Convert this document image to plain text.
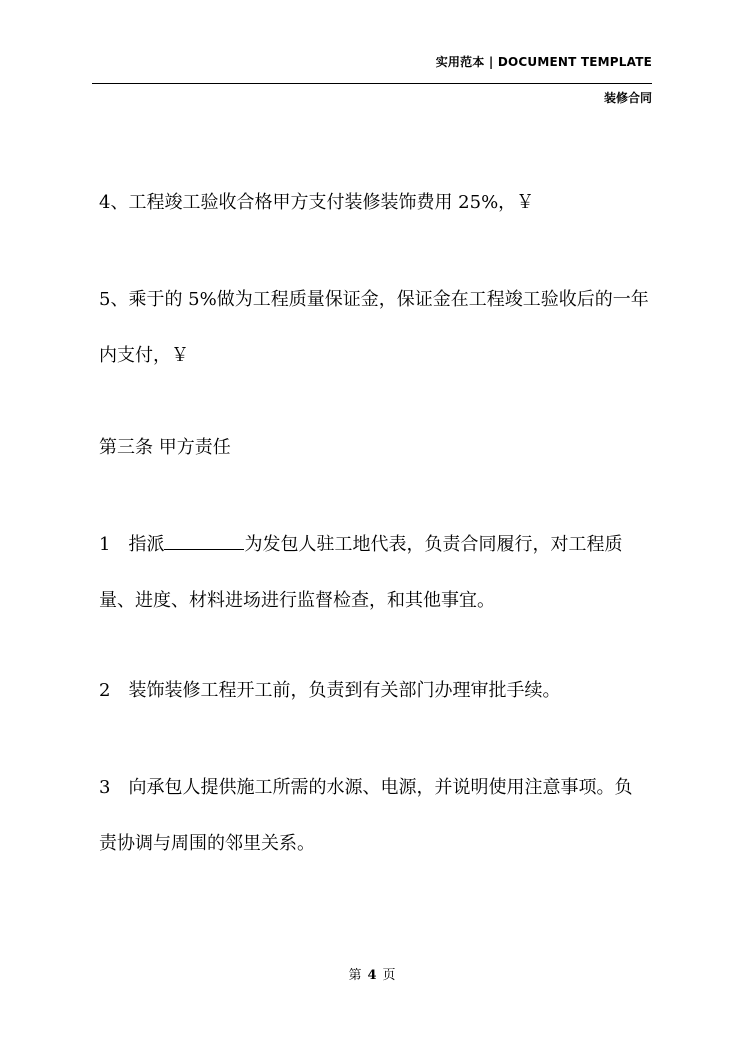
实用范本 | DOCUMENT TEMPLATE
装修合同

4、工程竣工验收合格甲方支付装修装饰费用 25%，￥

5、乘于的 5%做为工程质量保证金，保证金在工程竣工验收后的一年
内支付，￥

第三条 甲方责任

1　指派	为发包人驻工地代表，负责合同履行，对工程质
量、进度、材料进场进行监督检查，和其他事宜。

2　装饰装修工程开工前，负责到有关部门办理审批手续。

3　向承包人提供施工所需的水源、电源，并说明使用注意事项。负
责协调与周围的邻里关系。

第 4 页
